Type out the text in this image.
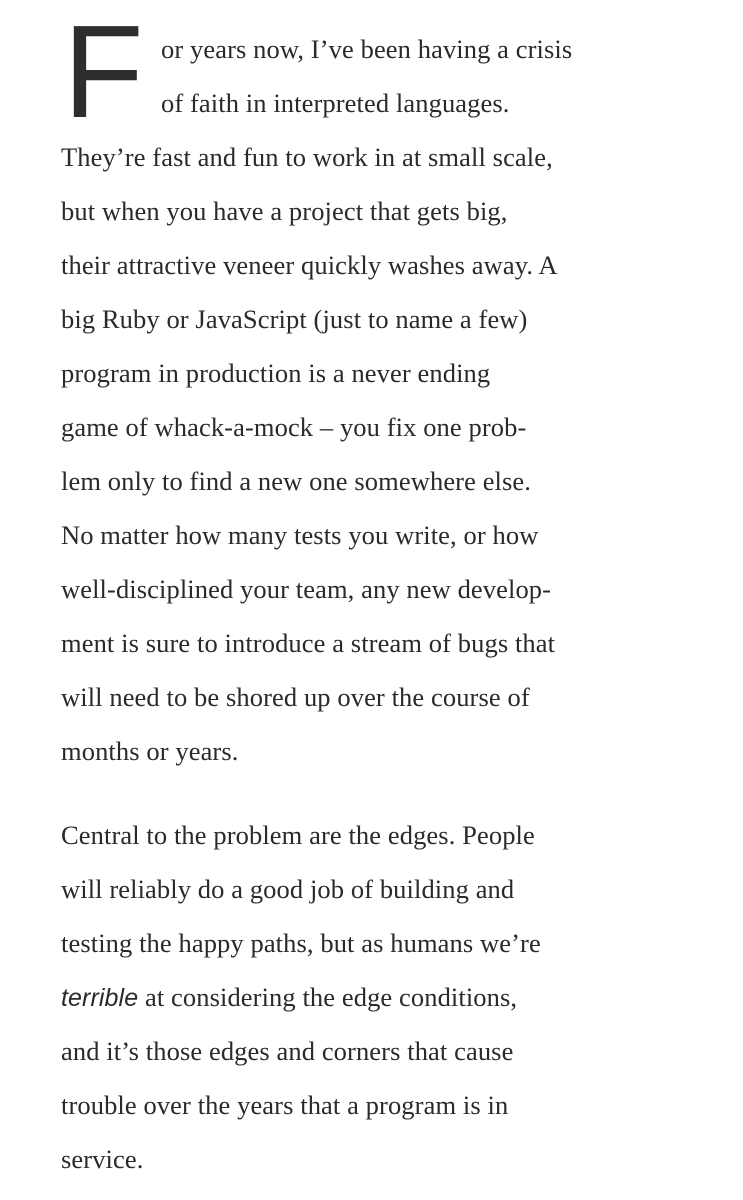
F or years now, I’ve been having a crisis
of faith in interpreted languages.
They’re fast and fun to work in at small scale,
but when you have a project that gets big,
their attractive veneer quickly washes away. A
big Ruby or JavaScript (just to name a few)
program in production is a never ending
game of whack-a-mock – you fix one prob-
lem only to find a new one somewhere else.
No matter how many tests you write, or how
well-disciplined your team, any new develop-
ment is sure to introduce a stream of bugs that
will need to be shored up over the course of
months or years.
Central to the problem are the edges. People
will reliably do a good job of building and
testing the happy paths, but as humans we’re
terrible at considering the edge conditions,
and it’s those edges and corners that cause
trouble over the years that a program is in
service.
